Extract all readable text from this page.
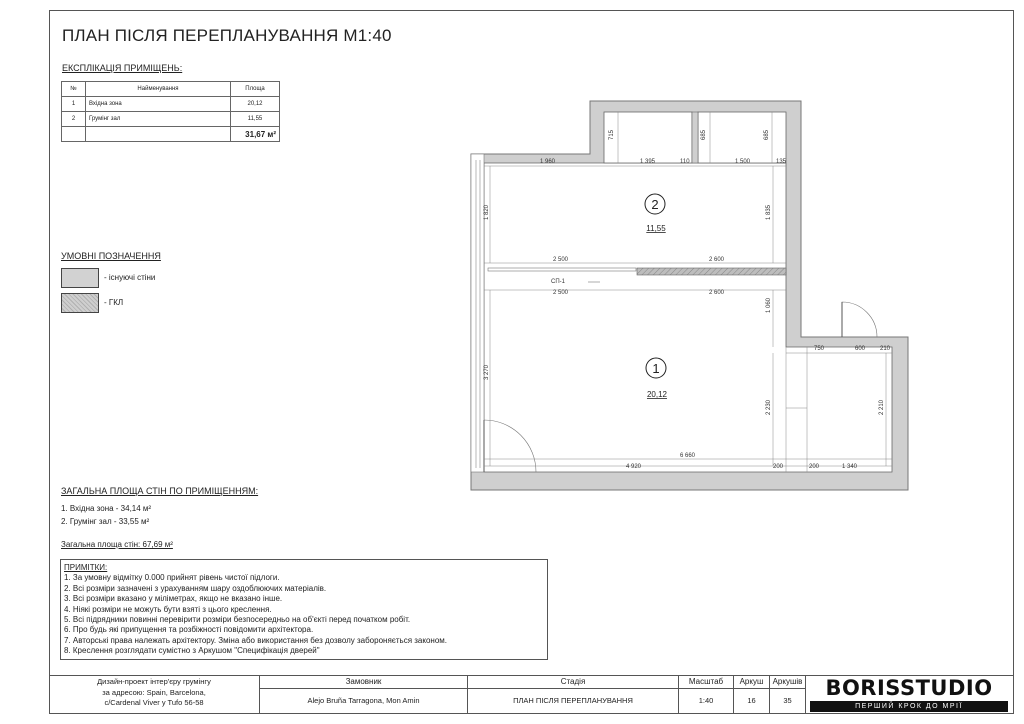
ПЛАН ПІСЛЯ ПЕРЕПЛАНУВАННЯ М1:40
ЕКСПЛІКАЦІЯ ПРИМІЩЕНЬ:
№	Найменування	Площа
1	Вхідна зона	20,12
2	Грумінг зал	11,55
		31,67 м²
УМОВНІ ПОЗНАЧЕННЯ
- існуючі стіни
- ГКЛ
ЗАГАЛЬНА ПЛОЩА СТІН ПО ПРИМІЩЕННЯМ:
1. Вхідна зона - 34,14 м²
2. Грумінг зал - 33,55 м²
Загальна площа стін: 67,69 м²
ПРИМІТКИ:
1. За умовну відмітку 0.000 прийнят рівень чистої підлоги.
2. Всі розміри зазначені з урахуванням шару оздоблюючих матеріалів.
3. Всі розміри вказано у міліметрах, якщо не вказано інше.
4. Ніякі розміри не можуть бути взяті з цього креслення.
5. Всі підрядники повинні перевірити розміри безпосередньо на об'єкті перед початком робіт.
6. Про будь які припущення та розбіжності повідомити архітектора.
7. Авторські права належать архітектору. Зміна або використання без дозволу забороняється законом.
8. Креслення розглядати сумістно з Аркушом "Специфікація дверей"
1 960	1 395	110	1 500	135
715	685	685
1 820	1 835
2 500	2 600
2 500	2 600
1 060
3 270
2 230	2 210
750	600 210
6 660
4 920	200	200	1 340
2
11,55
1
20,12
СП-1
Дизайн-проект інтер'єру грумінгу
за адресою: Spain, Barcelona,
c/Cardenal Viver y Tufo 56-58
Замовник
Alejo Bruña Tarragona, Mon Amin
Стадія
ПЛАН ПІСЛЯ ПЕРЕПЛАНУВАННЯ
Масштаб
1:40
Аркуш
16
Аркушів
35
BORISSTUDIO
ПЕРШИЙ КРОК ДО МРІЇ
